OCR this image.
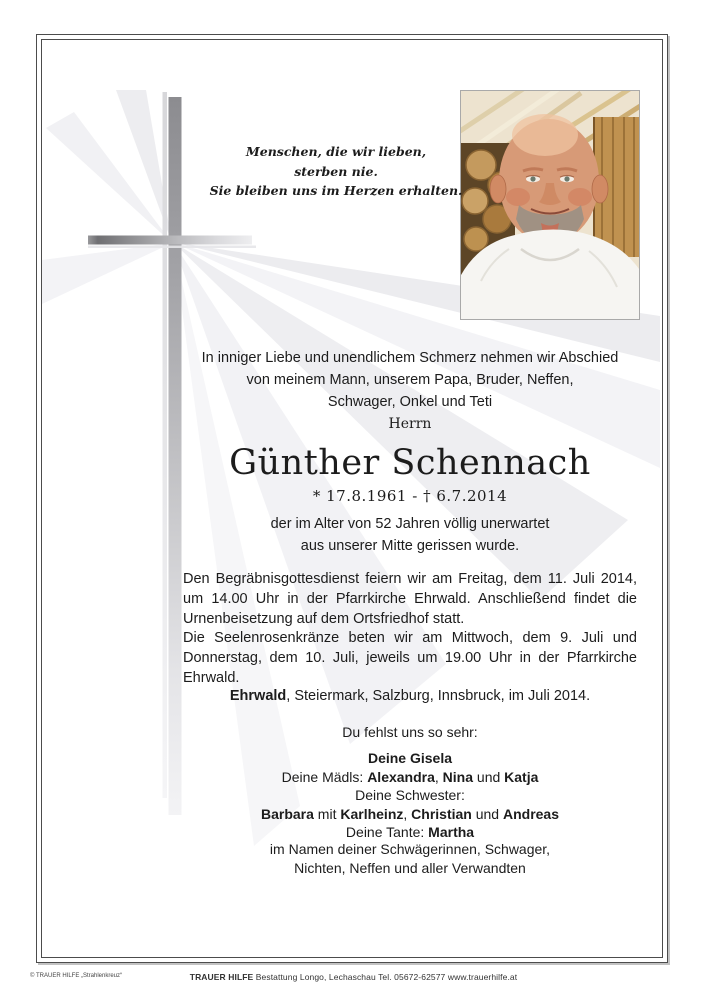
Menschen, die wir lieben,
sterben nie.
Sie bleiben uns im Herzen erhalten.
In inniger Liebe und unendlichem Schmerz nehmen wir Abschied
von meinem Mann, unserem Papa, Bruder, Neffen,
Schwager, Onkel und Teti
Herrn
Günther Schennach
* 17.8.1961 - † 6.7.2014
der im Alter von 52 Jahren völlig unerwartet
aus unserer Mitte gerissen wurde.
Den Begräbnisgottesdienst feiern wir am Freitag, dem 11. Juli 2014, um 14.00 Uhr in der Pfarrkirche Ehrwald. Anschließend findet die Urnenbeisetzung auf dem Ortsfriedhof statt.
Die Seelenrosenkränze beten wir am Mittwoch, dem 9. Juli und Donnerstag, dem 10. Juli, jeweils um 19.00 Uhr in der Pfarrkirche Ehrwald.
Ehrwald, Steiermark, Salzburg, Innsbruck, im Juli 2014.
Du fehlst uns so sehr:
Deine Gisela
Deine Mädls: Alexandra, Nina und Katja
Deine Schwester:
Barbara mit Karlheinz, Christian und Andreas
Deine Tante: Martha
im Namen deiner Schwägerinnen, Schwager,
Nichten, Neffen und aller Verwandten
© TRAUER HILFE „Strahlenkreuz“	TRAUER HILFE Bestattung Longo, Lechaschau Tel. 05672-62577 www.trauerhilfe.at
